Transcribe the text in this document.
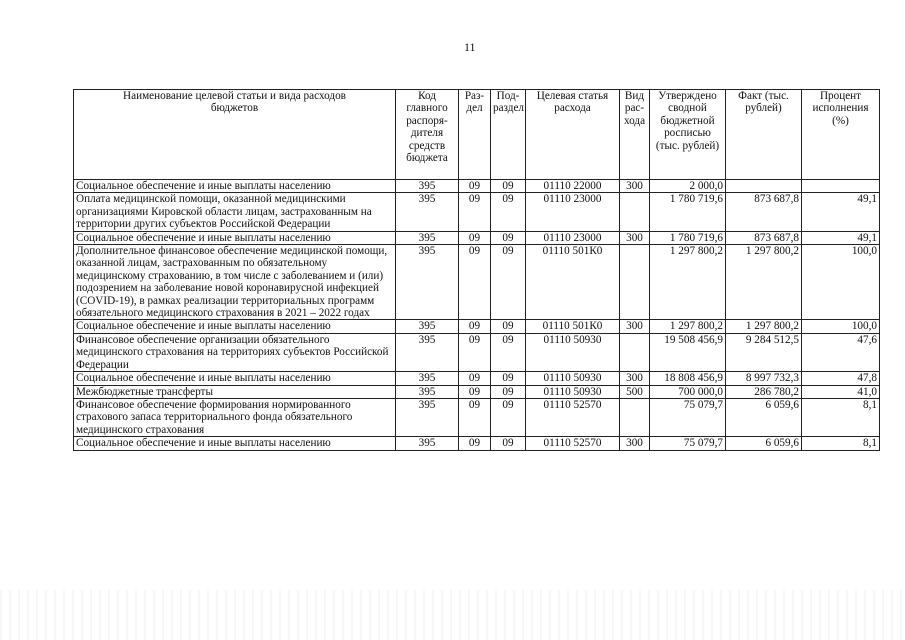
11
Наименование целевой статьи и вида расходов бюджетов	Код главного распоря-дителя средств бюджета	Раз-дел	Под-раздел	Целевая статья расхода	Вид рас-хода	Утверждено сводной бюджетной росписью (тыс. рублей)	Факт (тыс. рублей)	Процент исполнения (%)
Социальное обеспечение и иные выплаты населению	395	09	09	01110 22000	300	2 000,0		
Оплата медицинской помощи, оказанной медицинскими организациями Кировской области лицам, застрахованным на территории других субъектов Российской Федерации	395	09	09	01110 23000		1 780 719,6	873 687,8	49,1
Социальное обеспечение и иные выплаты населению	395	09	09	01110 23000	300	1 780 719,6	873 687,8	49,1
Дополнительное финансовое обеспечение медицинской помощи, оказанной лицам, застрахованным по обязательному медицинскому страхованию, в том числе с заболеванием и (или) подозрением на заболевание новой коронавирусной инфекцией (COVID-19), в рамках реализации территориальных программ обязательного медицинского страхования в 2021 – 2022 годах	395	09	09	01110 501К0		1 297 800,2	1 297 800,2	100,0
Социальное обеспечение и иные выплаты населению	395	09	09	01110 501К0	300	1 297 800,2	1 297 800,2	100,0
Финансовое обеспечение организации обязательного медицинского страхования на территориях субъектов Российской Федерации	395	09	09	01110 50930		19 508 456,9	9 284 512,5	47,6
Социальное обеспечение и иные выплаты населению	395	09	09	01110 50930	300	18 808 456,9	8 997 732,3	47,8
Межбюджетные трансферты	395	09	09	01110 50930	500	700 000,0	286 780,2	41,0
Финансовое обеспечение формирования нормированного страхового запаса территориального фонда обязательного медицинского страхования	395	09	09	01110 52570		75 079,7	6 059,6	8,1
Социальное обеспечение и иные выплаты населению	395	09	09	01110 52570	300	75 079,7	6 059,6	8,1
